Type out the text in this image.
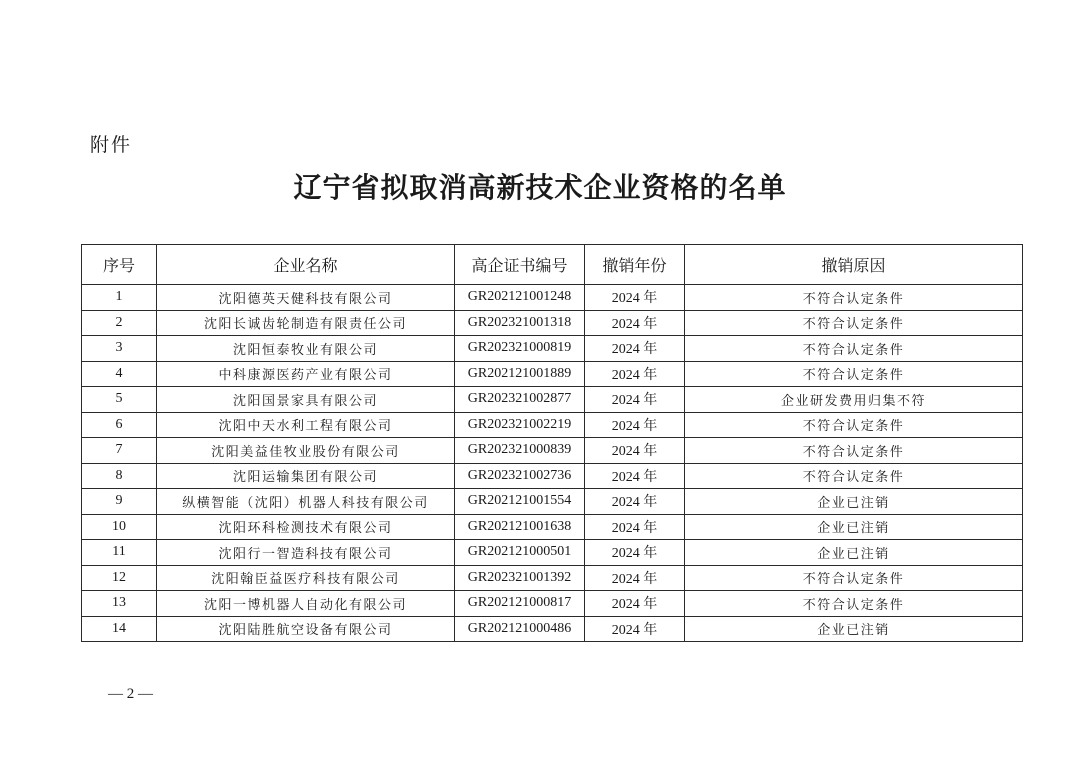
附件
辽宁省拟取消高新技术企业资格的名单
序号	企业名称	高企证书编号	撤销年份	撤销原因
1	沈阳德英天健科技有限公司	GR202121001248	2024 年	不符合认定条件
2	沈阳长诚齿轮制造有限责任公司	GR202321001318	2024 年	不符合认定条件
3	沈阳恒泰牧业有限公司	GR202321000819	2024 年	不符合认定条件
4	中科康源医药产业有限公司	GR202121001889	2024 年	不符合认定条件
5	沈阳国景家具有限公司	GR202321002877	2024 年	企业研发费用归集不符
6	沈阳中天水利工程有限公司	GR202321002219	2024 年	不符合认定条件
7	沈阳美益佳牧业股份有限公司	GR202321000839	2024 年	不符合认定条件
8	沈阳运输集团有限公司	GR202321002736	2024 年	不符合认定条件
9	纵横智能（沈阳）机器人科技有限公司	GR202121001554	2024 年	企业已注销
10	沈阳环科检测技术有限公司	GR202121001638	2024 年	企业已注销
11	沈阳行一智造科技有限公司	GR202121000501	2024 年	企业已注销
12	沈阳翰臣益医疗科技有限公司	GR202321001392	2024 年	不符合认定条件
13	沈阳一博机器人自动化有限公司	GR202121000817	2024 年	不符合认定条件
14	沈阳陆胜航空设备有限公司	GR202121000486	2024 年	企业已注销
— 2 —
